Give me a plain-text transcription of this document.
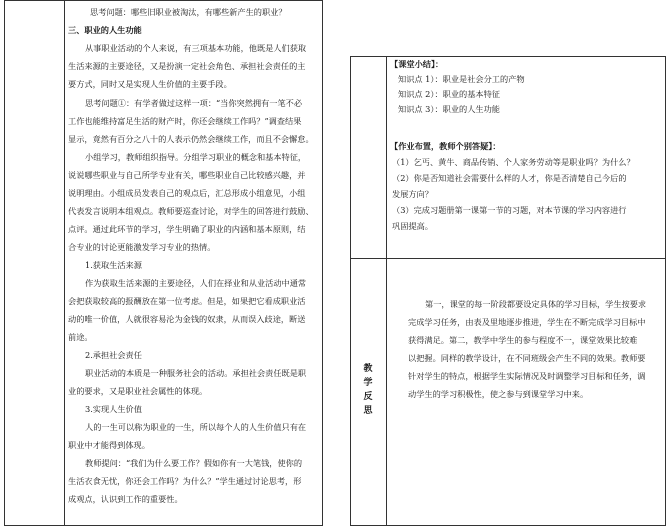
思考问题：哪些旧职业被淘汰，有哪些新产生的职业？
三、职业的人生功能
从事职业活动的个人来说，有三项基本功能，他既是人们获取
生活来源的主要途径，又是扮演一定社会角色、承担社会责任的主
要方式，同时又是实现人生价值的主要手段。
思考问题①：有学者做过这样一项：“当你突然拥有一笔不必
工作也能维持富足生活的财产时，你还会继续工作吗？”调查结果
显示，竟然有百分之八十的人表示仍然会继续工作，而且不会懈怠。
小组学习，教师组织指导。分组学习职业的概念和基本特征，
说说哪些职业与自己所学专业有关，哪些职业自己比较感兴趣，并
说明理由。小组成员发表自己的观点后，汇总形成小组意见，小组
代表发言说明本组观点。教师要巡查讨论，对学生的回答进行鼓励、
点评。通过此环节的学习，学生明确了职业的内涵和基本原则，结
合专业的讨论更能激发学习专业的热情。
1.获取生活来源
作为获取生活来源的主要途径，人们在择业和从业活动中通常
会把获取较高的报酬放在第一位考虑。但是，如果把它看成职业活
动的唯一价值，人就很容易沦为金钱的奴隶，从而误入歧途，断送
前途。
2.承担社会责任
职业活动的本质是一种服务社会的活动。承担社会责任既是职
业的要求，又是职业社会属性的体现。
3.实现人生价值
人的一生可以称为职业的一生，所以每个人的人生价值只有在
职业中才能得到体现。
教师提问：“我们为什么要工作？假如你有一大笔钱，使你的
生活衣食无忧，你还会工作吗？为什么？”学生通过讨论思考，形
成观点，认识到工作的重要性。
【课堂小结】：
知识点 1）：职业是社会分工的产物
知识点 2）：职业的基本特征
知识点 3）：职业的人生功能
【作业布置，教师个别答疑】：
（1）乞丐、黄牛、商品传销、个人家务劳动等是职业吗？为什么？
（2）你是否知道社会需要什么样的人才，你是否清楚自己今后的
发展方向？
（3）完成习题册第一课第一节的习题，对本节课的学习内容进行
巩固提高。
教学反思
第一，课堂的每一阶段都要设定具体的学习目标，学生按要求
完成学习任务，由表及里地逐步推进，学生在不断完成学习目标中
获得满足。第二，教学中学生的参与程度不一，课堂效果比较难
以把握。同样的教学设计，在不同班级会产生不同的效果。教师要
针对学生的特点，根据学生实际情况及时调整学习目标和任务，调
动学生的学习积极性，使之参与到课堂学习中来。
